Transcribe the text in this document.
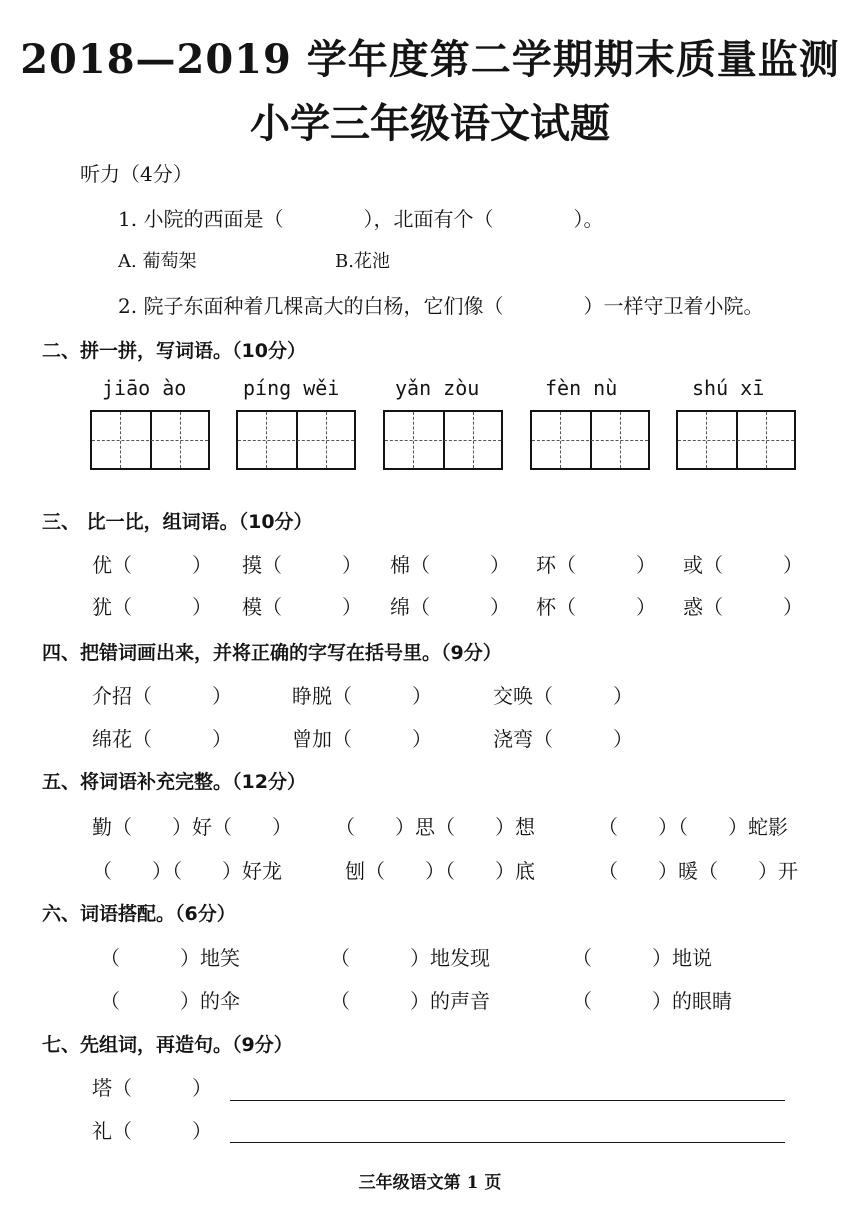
2018—2019 学年度第二学期期末质量监测
小学三年级语文试题
听力（4分）
1. 小院的西面是（　　　　），北面有个（　　　　）。
A. 葡萄架	B.花池
2. 院子东面种着几棵高大的白杨，它们像（　　　　）一样守卫着小院。
二、拼一拼，写词语。（10分）
jiāo ào	píng wěi	yǎn zòu	fèn nù	shú xī
三、 比一比，组词语。（10分）
优（　　　） 摸（　　　） 棉（　　　） 环（　　　） 或（　　　）
犹（　　　） 模（　　　） 绵（　　　） 杯（　　　） 惑（　　　）
四、把错词画出来，并将正确的字写在括号里。（9分）
介招（　　　）	睁脱（　　　）	交唤（　　　）
绵花（　　　）	曾加（　　　）	浇弯（　　　）
五、将词语补充完整。（12分）
勤（　　）好（　　） （　　）思（　　）想	（　　）（　　）蛇影
（　　）（　　）好龙	刨（　　）（　　）底	（　　）暖（　　）开
六、词语搭配。（6分）
（　　　）地笑	（　　　）地发现	（　　　）地说
（　　　）的伞	（　　　）的声音	（　　　）的眼睛
七、先组词，再造句。（9分）
塔（　　　）
礼（　　　）
三年级语文第 1 页
